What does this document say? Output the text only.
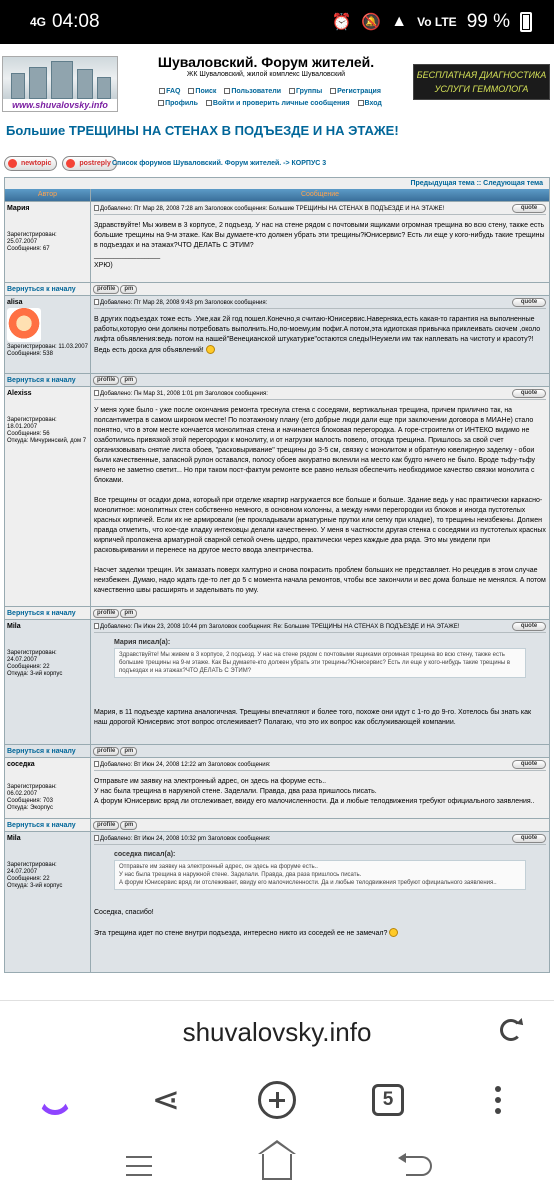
4G 04:08	⏰ 🔕 ▲ Vo LTE 99 %
www.shuvalovsky.info
Шуваловский. Форум жителей.
ЖК Шуваловский, жилой комплекс Шуваловский
FAQ Поиск Пользователи Группы Регистрация
Профиль Войти и проверить личные сообщения Вход
БЕСПЛАТНАЯ ДИАГНОСТИКА
УСЛУГИ ГЕММОЛОГА
Большие ТРЕЩИНЫ НА СТЕНАХ В ПОДЪЕЗДЕ И НА ЭТАЖЕ!
newtopic	postreply Список форумов Шуваловский. Форум жителей. -> КОРПУС 3
Предыдущая тема :: Следующая тема
Автор	Сообщение
Мария
Зарегистрирован: 25.07.2007
Сообщения: 67
Добавлено: Пт Мар 28, 2008 7:28 am Заголовок сообщения: Большие ТРЕЩИНЫ НА СТЕНАХ В ПОДЪЕЗДЕ И НА ЭТАЖЕ!	quote
Здравствуйте! Мы живем в 3 корпусе, 2 подъезд. У нас на стене рядом с почтовыми ящиками огромная трещина во всю стену, также есть большие трещины на 9-м этаже. Как Вы думаете-кто должен убрать эти трещины?Юнисервис? Есть ли еще у кого-нибудь такие трещины в подъездах и на этажах?ЧТО ДЕЛАТЬ С ЭТИМ?
_________________
ХРЮ)
Вернуться к началу	profile	pm
alisa
Зарегистрирован: 11.03.2007
Сообщения: 538
Добавлено: Пт Мар 28, 2008 9:43 pm Заголовок сообщения:	quote
В других подъездах тоже есть .Уже,как 2й год пошел.Конечно,я считаю-Юнисервис.Наверняка,есть какая-то гарантия на выполненные работы,которую они должны потребовать выполнить.Но,по-моему,им пофиг.А потом,эта идиотская привычка приклеивать скочем ,около лифта объявления:ведь потом на нашей"Венецианской штукатурке"остаются следы!Неужели им так наплевать на чистоту и красоту?!Ведь есть доска для объявлений!
Вернуться к началу	profile	pm
Alexiss
Зарегистрирован: 18.01.2007
Сообщения: 56
Откуда: Мичуринский, дом 7
Добавлено: Пн Мар 31, 2008 1:01 pm Заголовок сообщения:	quote
У меня хуже было - уже после окончания ремонта треснула стена с соседями, вертикальная трещина, причем прилично так, на полсантиметра в самом широком месте! По поэтажному плану (его добрые люди дали еще при заключении договора в МИАНе) стало понятно, что в этом месте кончается монолитная стена и начинается блоковая перегородка. А горе-строители от ИНТЕКО видимо не озаботились привязкой этой перегородки к монолиту, и от нагрузки малость повело, отсюда трещина. Пришлось за свой счет организовывать снятие листа обоев, "расковыривание" трещины до 3-5 см, связку с монолитом и обратную ювелирную заделку - обои были качественные, запасной рулон оставался, полосу обоев аккуратно вклеили на место как будто ничего не было. Вроде тьфу-тьфу ничего не заметно светит... Но при таком пост-фактум ремонте все равно нельзя обеспечить необходимое качество связки монолита с блоками.

Все трещины от осадки дома, который при отделке квартир нагружается все больше и больше. Здание ведь у нас практически каркасно-монолитное: монолитных стен собственно немного, в основном колонны, а между ними перегородки из блоков и иногда пустотелых красных кирпичей. Если их не армировали (не прокладывали арматурные прутки или сетку при кладке), то трещины неизбежны. Должен правда отметить, что кое-где кладку интековцы делали качественно. У меня в частности другая стенка с соседями из пустотелых красных кирпичей проложена арматурной сварной сеткой очень щедро, практически через каждые два ряда. Это мы увидели при расковыривании и перенесе на другое место ввода электричества.

Насчет заделки трещин. Их замазать поверх халтурно и снова покрасить проблем больших не представляет. Но рецедив в этом случае неизбежен. Думаю, надо ждать где-то лет до 5 с момента начала ремонтов, чтобы все закончили и вес дома больше не менялся. А потом качественно швы расширять и заделывать по уму.
Вернуться к началу	profile	pm
Mila
Зарегистрирован: 24.07.2007
Сообщения: 22
Откуда: 3-ий корпус
Добавлено: Пн Июн 23, 2008 10:44 pm Заголовок сообщения: Re: Большие ТРЕЩИНЫ НА СТЕНАХ В ПОДЪЕЗДЕ И НА ЭТАЖЕ!	quote
Мария писал(а):
Здравствуйте! Мы живем в 3 корпусе, 2 подъезд. У нас на стене рядом с почтовыми ящиками огромная трещина во всю стену, также есть большие трещины на 9-м этаже. Как Вы думаете-кто должен убрать эти трещины?Юнисервис? Есть ли еще у кого-нибудь такие трещины в подъездах и на этажах?ЧТО ДЕЛАТЬ С ЭТИМ?
Мария, в 11 подъезде картина аналогичная. Трещины впечатляют и более того, похоже они идут с 1-го до 9-го. Хотелось бы знать как наш дорогой Юнисервис этот вопрос отслеживает? Полагаю, что это их вопрос как обслуживающей компании.
Вернуться к началу	profile	pm
соседка
Зарегистрирован: 06.02.2007
Сообщения: 703
Откуда: Экорпус
Добавлено: Вт Июн 24, 2008 12:22 am Заголовок сообщения:	quote
Отправьте им заявку на электронный адрес, он здесь на форуме есть..
У нас была трещина в наружной стене. Заделали. Правда, два раза пришлось писать.
А форум Юнисервис вряд ли отслеживает, ввиду его малочисленности. Да и любые телодвижения требуют официального заявления..
Вернуться к началу	profile	pm
Mila
Зарегистрирован: 24.07.2007
Сообщения: 22
Откуда: 3-ий корпус
Добавлено: Вт Июн 24, 2008 10:32 pm Заголовок сообщения:	quote
соседка писал(а):
Отправьте им заявку на электронный адрес, он здесь на форуме есть..
У нас была трещина в наружной стене. Заделали. Правда, два раза пришлось писать.
А форум Юнисервис вряд ли отслеживает, ввиду его малочисленности. Да и любые телодвижения требуют официального заявления..
Соседка, спасибо!

Эта трещина идет по стене внутри подъезда, интересно никто из соседей ее не замечал?
shuvalovsky.info
⋖	5
